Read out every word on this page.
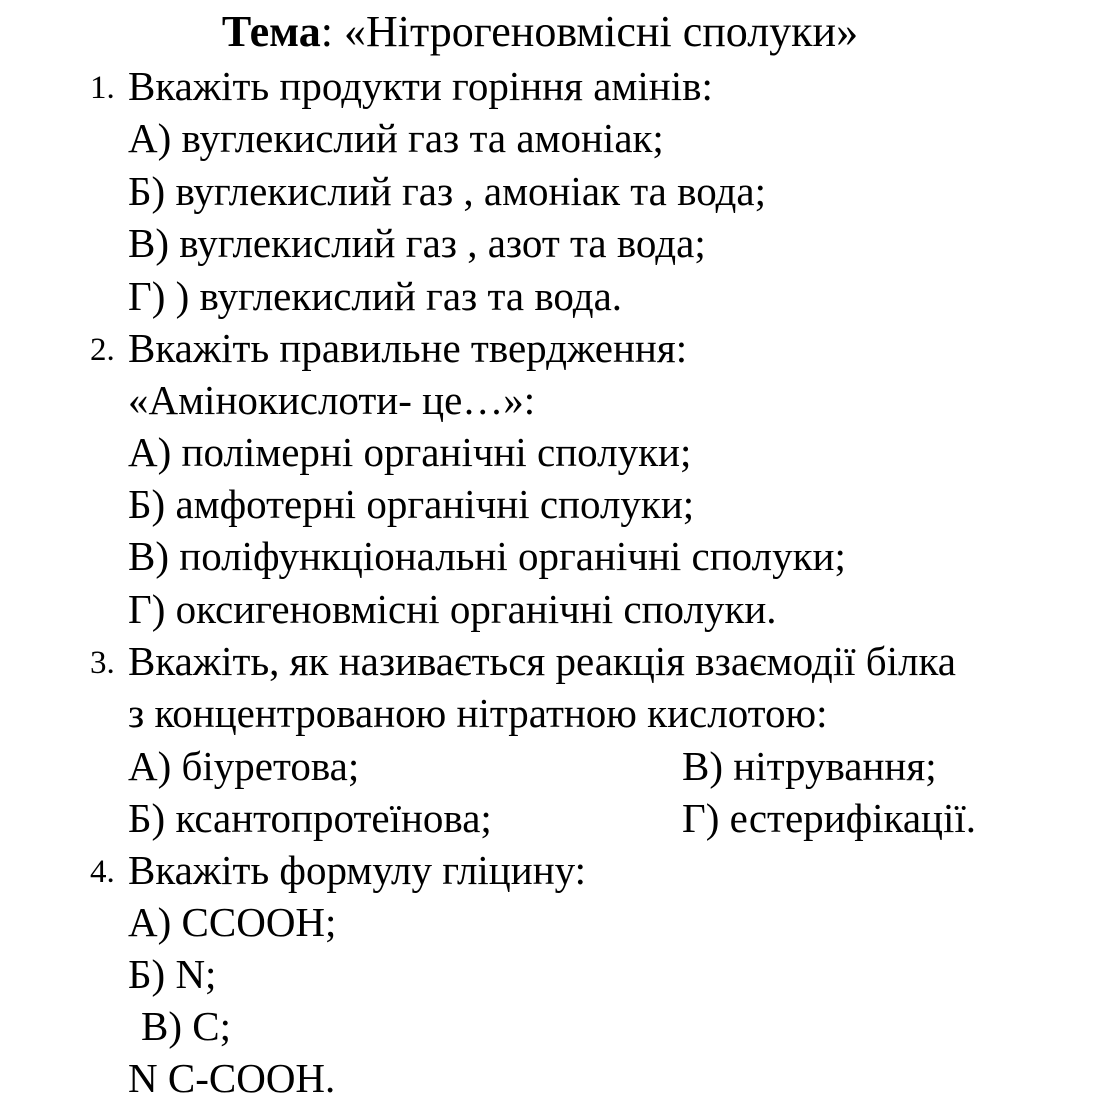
Тема: «Нітрогеновмісні сполуки»
1. Вкажіть продукти горіння амінів:
А) вуглекислий газ та амоніак;
Б) вуглекислий газ , амоніак та вода;
В) вуглекислий газ , азот та вода;
Г) ) вуглекислий газ та вода.
2. Вкажіть правильне твердження:
«Амінокислоти- це…»:
А) полімерні органічні сполуки;
Б) амфотерні органічні сполуки;
В) поліфункціональні органічні сполуки;
Г) оксигеновмісні органічні сполуки.
3. Вкажіть, як називається реакція взаємодії білка
з концентрованою нітратною кислотою:
А) біуретова;	В) нітрування;
Б) ксантопротеїнова;	Г) естерифікації.
4. Вкажіть формулу гліцину:
А) CCOOH;
Б) N;
В) C;
N C-COOH.
